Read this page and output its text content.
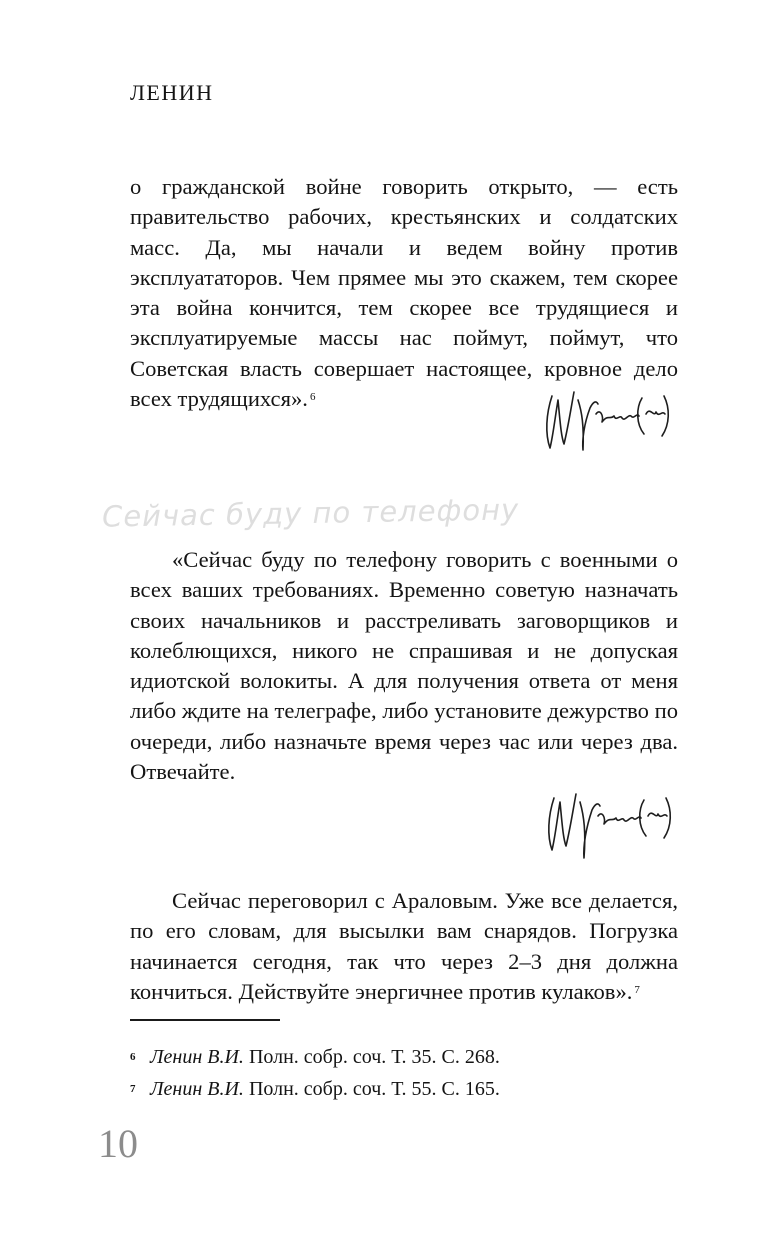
ЛЕНИН

о гражданской войне говорить открыто, — есть правительство рабочих, крестьянских и солдатских масс. Да, мы начали и ведем войну против эксплуататоров. Чем прямее мы это скажем, тем скорее эта война кончится, тем скорее все трудящиеся и эксплуатируемые массы нас поймут, поймут, что Советская власть совершает настоящее, кровное дело всех трудящихся». $^6$

Сейчас буду по телефону

«Сейчас буду по телефону говорить с военными о всех ваших требованиях. Временно советую назначать своих начальников и расстреливать заговорщиков и колеблющихся, никого не спрашивая и не допуская идиотской волокиты. А для получения ответа от меня либо ждите на телеграфе, либо установите дежурство по очереди, либо назначьте время через час или через два. Отвечайте.

Сейчас переговорил с Араловым. Уже все делается, по его словам, для высылки вам снарядов. Погрузка начинается сегодня, так что через 2–3 дня должна кончиться. Действуйте энергичнее против кулаков». $^7$

6 Ленин В.И. Полн. собр. соч. Т. 35. С. 268.
7 Ленин В.И. Полн. собр. соч. Т. 55. С. 165.
10
